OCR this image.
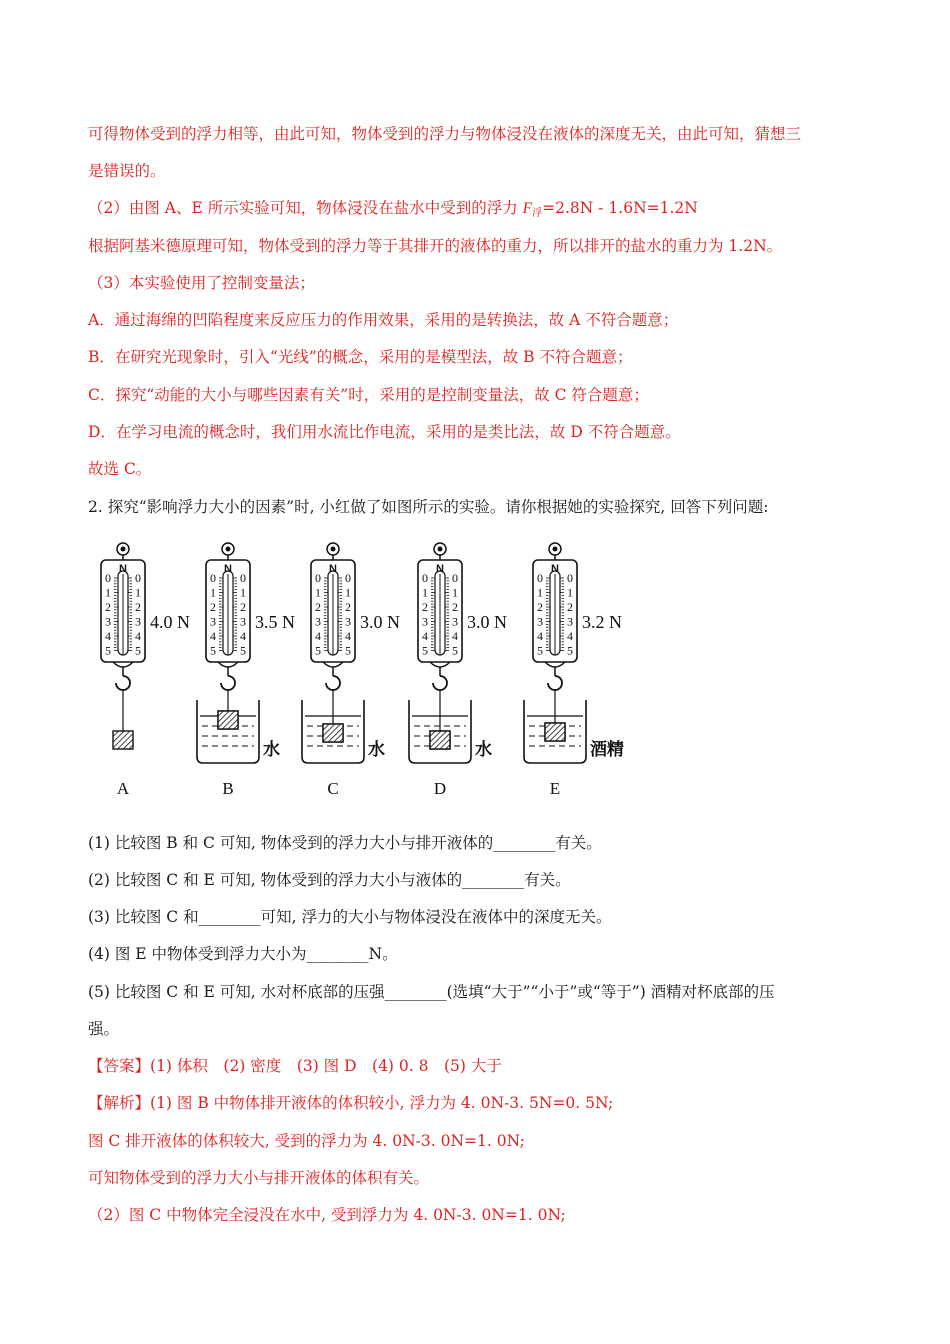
可得物体受到的浮力相等，由此可知，物体受到的浮力与物体浸没在液体的深度无关，由此可知，猜想三
是错误的。
（2）由图 A、E 所示实验可知，物体浸没在盐水中受到的浮力 $F_浮=2.8N - 1.6N=1.2N$
根据阿基米德原理可知，物体受到的浮力等于其排开的液体的重力，所以排开的盐水的重力为 1.2N。
（3）本实验使用了控制变量法；
A．通过海绵的凹陷程度来反应压力的作用效果，采用的是转换法，故 A 不符合题意；
B．在研究光现象时，引入“光线”的概念，采用的是模型法，故 B 不符合题意；
C．探究“动能的大小与哪些因素有关”时，采用的是控制变量法，故 C 符合题意；
D．在学习电流的概念时，我们用水流比作电流，采用的是类比法，故 D 不符合题意。
故选 C。
2. 探究“影响浮力大小的因素”时, 小红做了如图所示的实验。请你根据她的实验探究, 回答下列问题:
N
0 0
1 1
2 2
3 3
4 4
5 5
4.0 N
A
N
0 0
1 1
2 2
3 3
4 4
5 5
3.5 N
水
B
N
0 0
1 1
2 2
3 3
4 4
5 5
3.0 N
水
C
N
0 0
1 1
2 2
3 3
4 4
5 5
3.0 N
水
D
N
0 0
1 1
2 2
3 3
4 4
5 5
3.2 N
酒精
E
(1) 比较图 B 和 C 可知, 物体受到的浮力大小与排开液体的________有关。
(2) 比较图 C 和 E 可知, 物体受到的浮力大小与液体的________有关。
(3) 比较图 C 和________可知, 浮力的大小与物体浸没在液体中的深度无关。
(4) 图 E 中物体受到浮力大小为________N。
(5) 比较图 C 和 E 可知, 水对杯底部的压强________(选填“大于”“小于”或“等于”) 酒精对杯底部的压
强。
【答案】(1) 体积　(2) 密度　(3) 图 D　(4) 0. 8　(5) 大于
【解析】(1) 图 B 中物体排开液体的体积较小, 浮力为 4. 0N-3. 5N=0. 5N;
图 C 排开液体的体积较大, 受到的浮力为 4. 0N-3. 0N=1. 0N;
可知物体受到的浮力大小与排开液体的体积有关。
（2）图 C 中物体完全浸没在水中, 受到浮力为 4. 0N-3. 0N=1. 0N;
